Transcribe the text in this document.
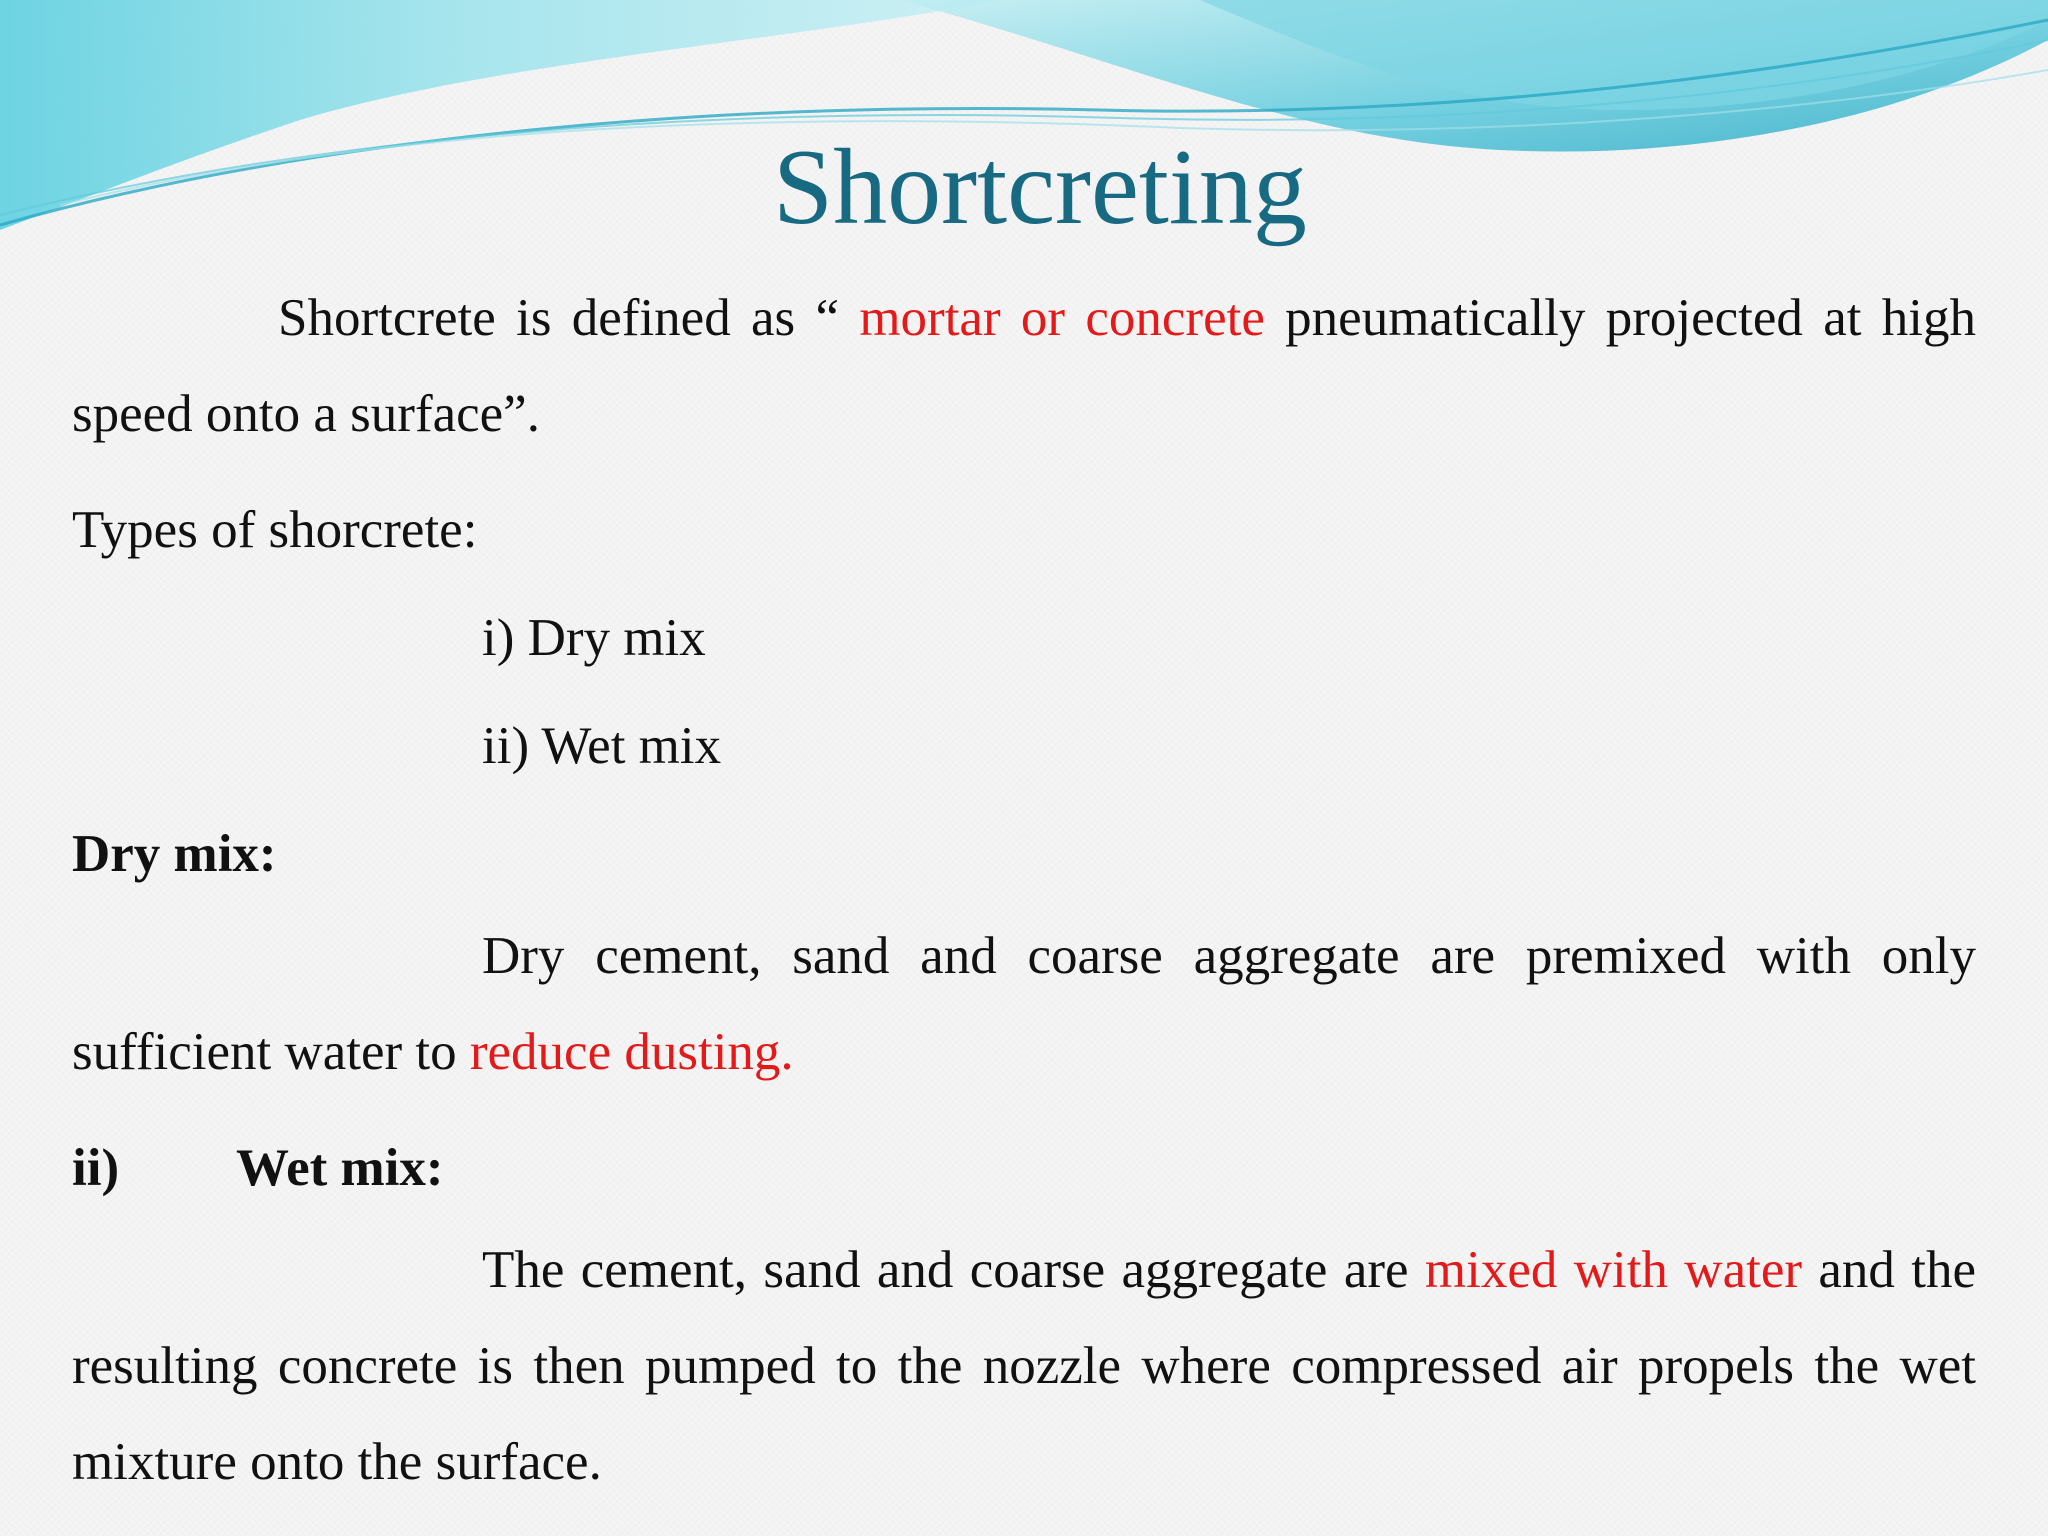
Shortcreting

Shortcrete is defined as “ mortar or concrete pneumatically projected at high speed onto a surface”.

Types of shorcrete:

i) Dry mix

ii) Wet mix

Dry mix:

Dry cement, sand and coarse aggregate are premixed with only sufficient water to reduce dusting.

ii) Wet mix:

The cement, sand and coarse aggregate are mixed with water and the resulting concrete is then pumped to the nozzle where compressed air propels the wet mixture onto the surface.
